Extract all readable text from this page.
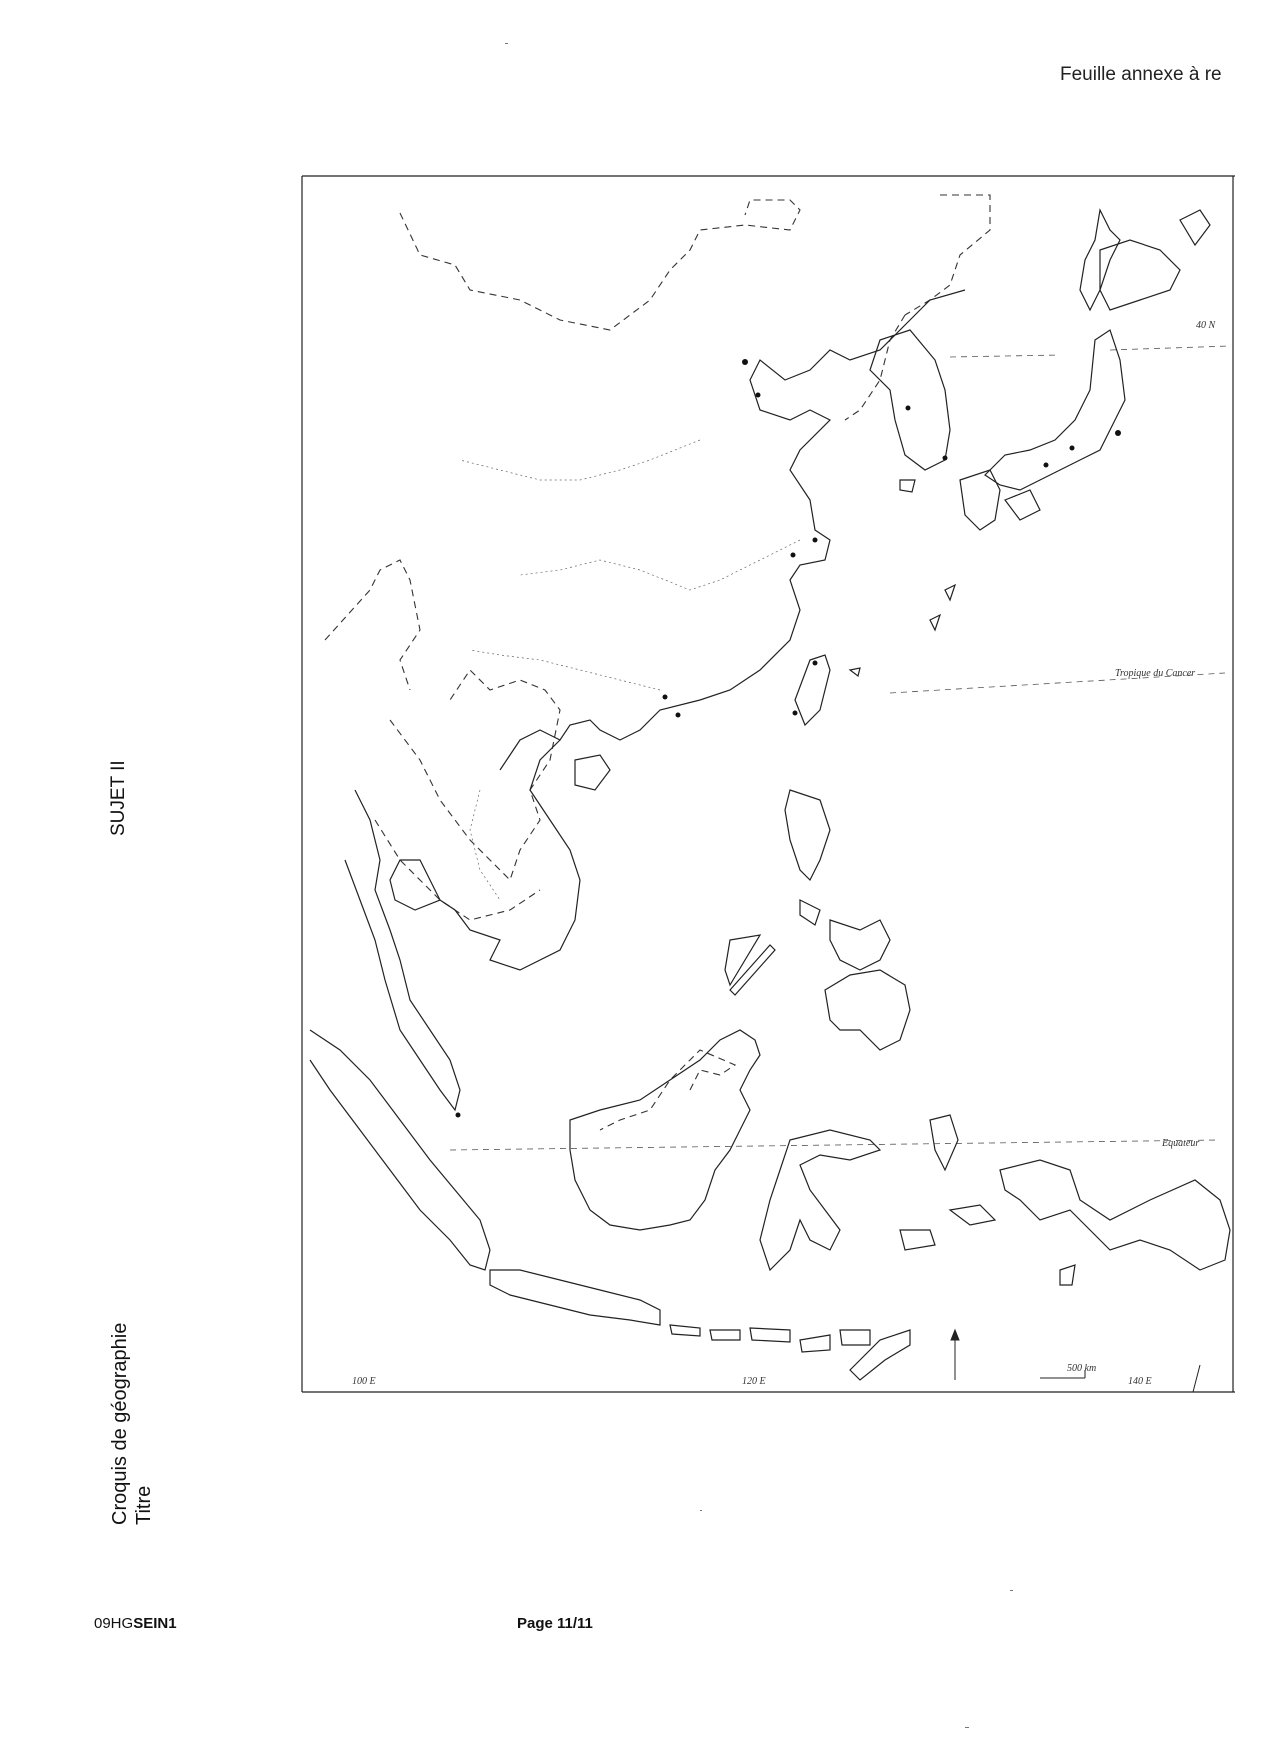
Feuille annexe à re
SUJET II
Croquis de géographie Titre
40 N
Tropique du Cancer
Equateur
100 E	120 E	140 E
500 km
09HGSEIN1	Page 11/11
